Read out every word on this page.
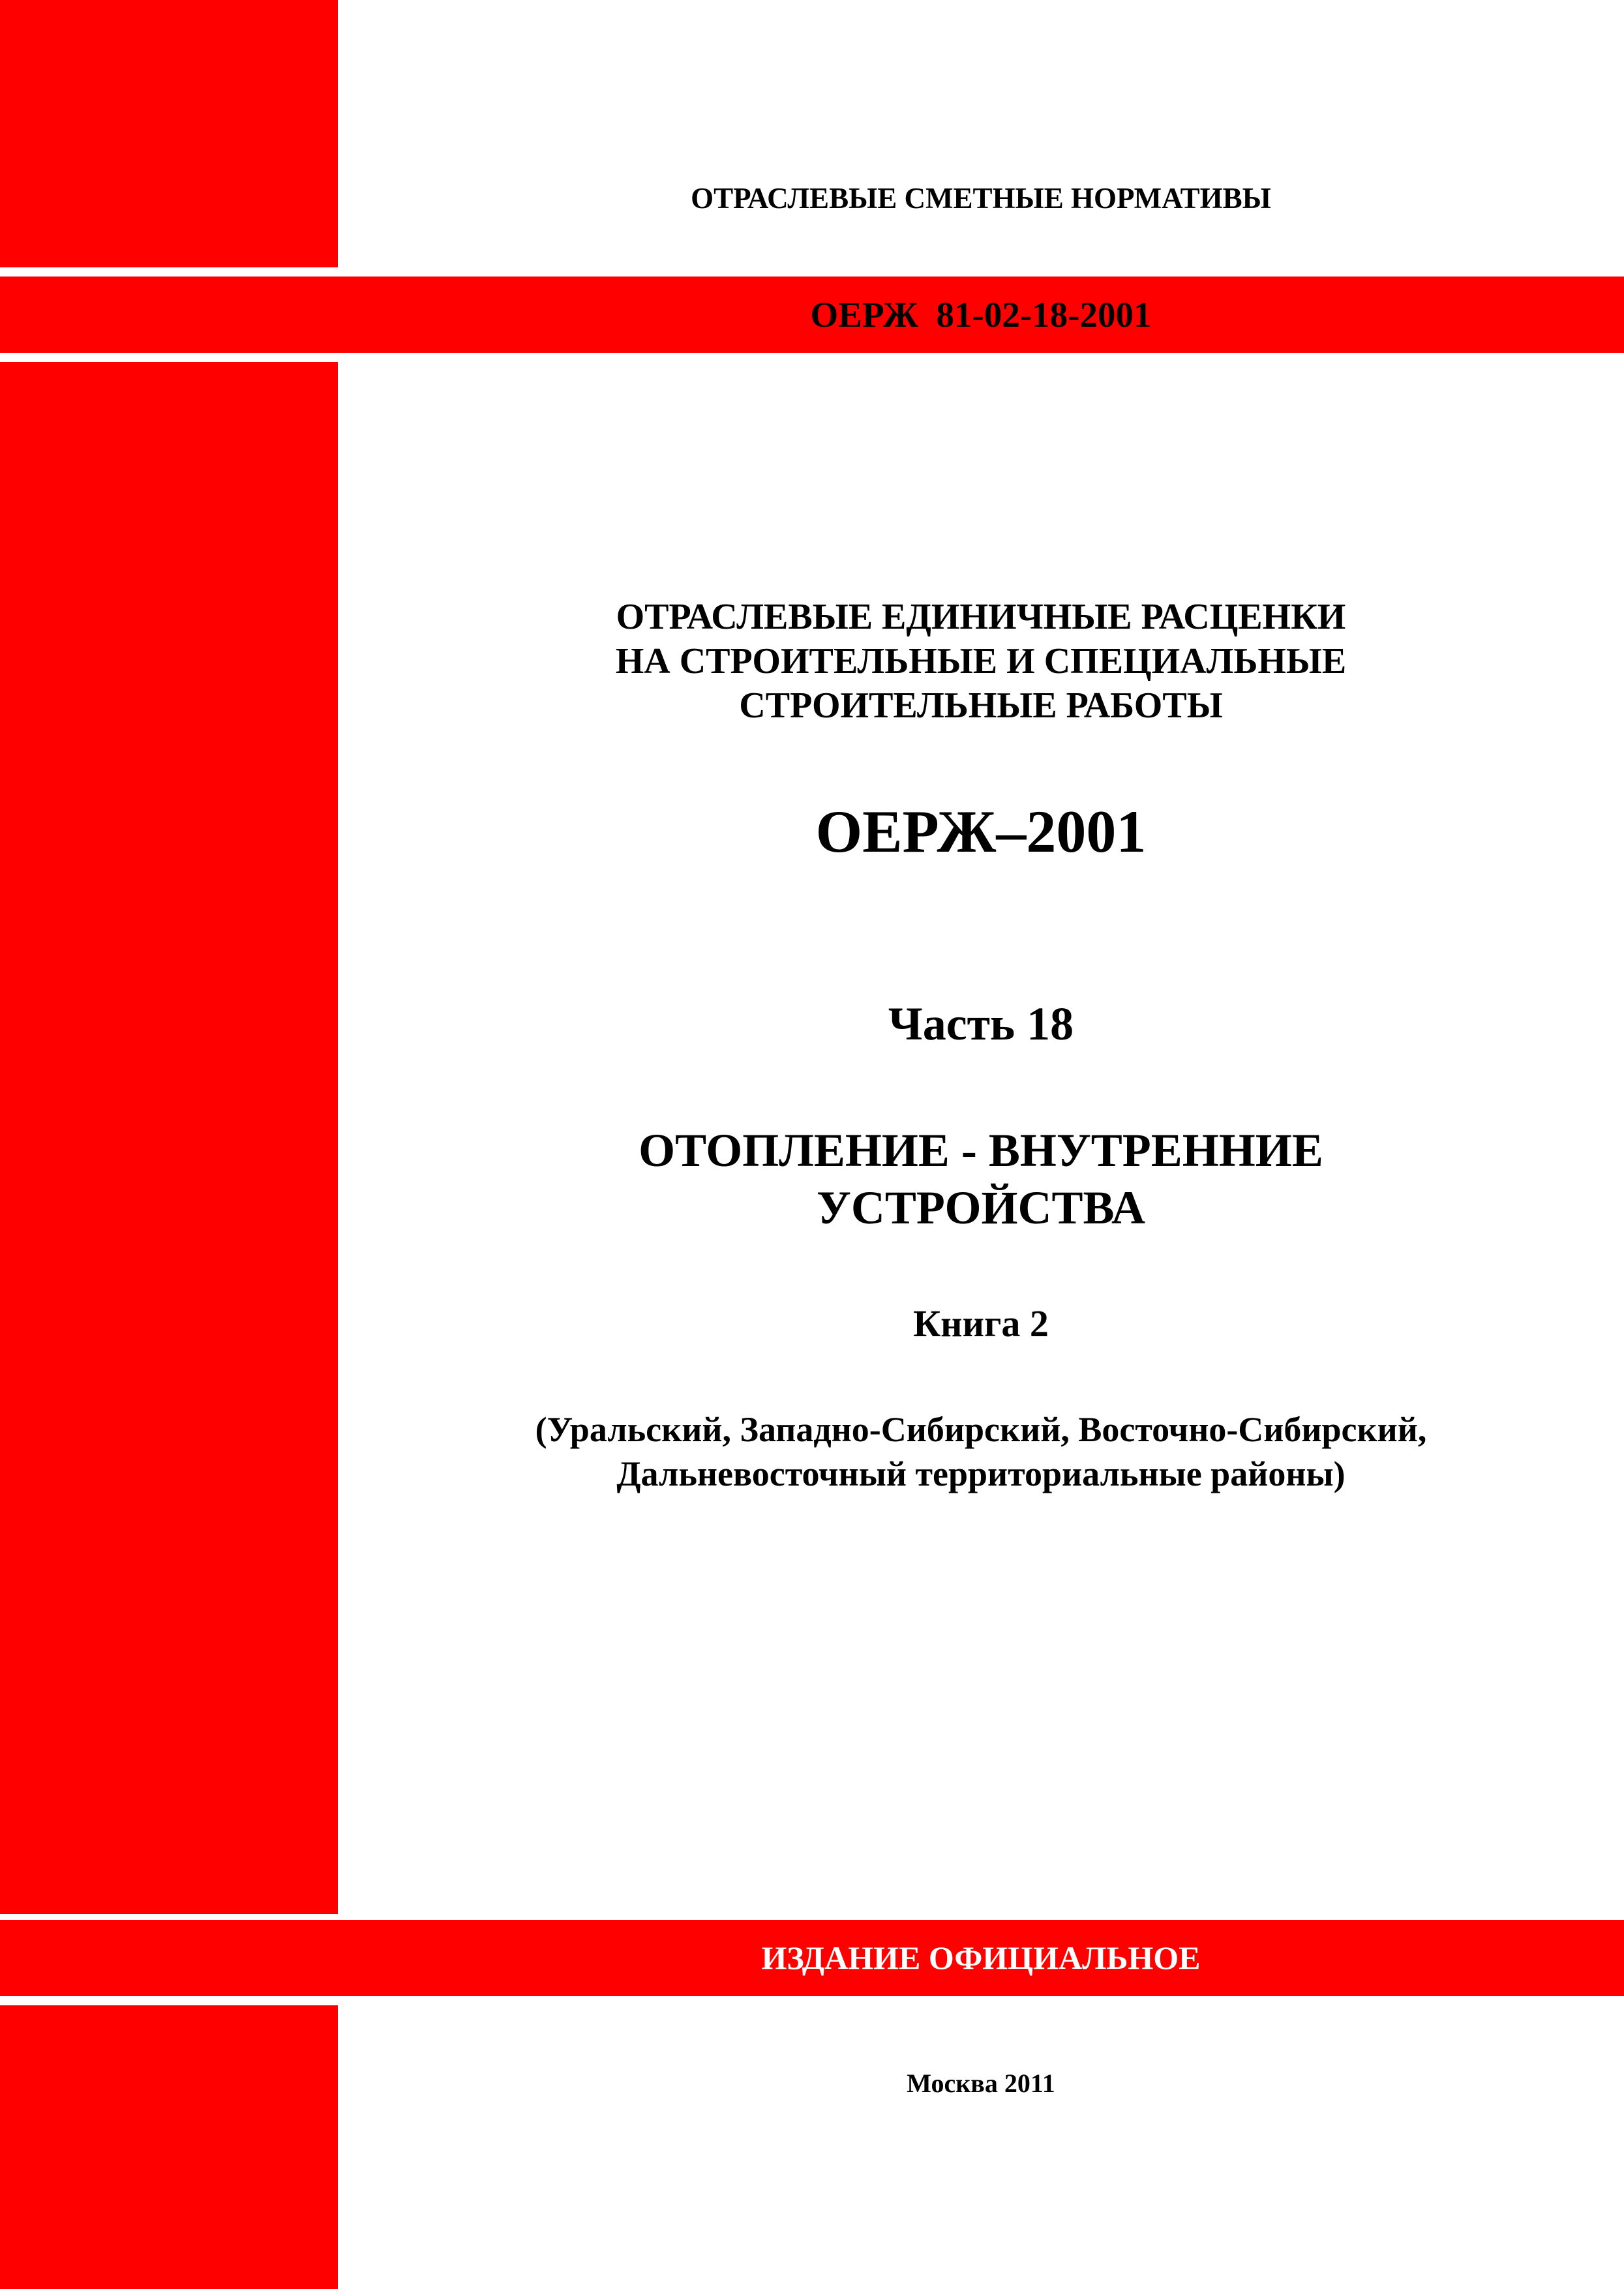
ОТРАСЛЕВЫЕ СМЕТНЫЕ НОРМАТИВЫ
ОЕРЖ  81-02-18-2001
ОТРАСЛЕВЫЕ ЕДИНИЧНЫЕ РАСЦЕНКИ
НА СТРОИТЕЛЬНЫЕ И СПЕЦИАЛЬНЫЕ
СТРОИТЕЛЬНЫЕ РАБОТЫ
ОЕРЖ–2001
Часть 18
ОТОПЛЕНИЕ - ВНУТРЕННИЕ
УСТРОЙСТВА
Книга 2
(Уральский, Западно-Сибирский, Восточно-Сибирский,
Дальневосточный территориальные районы)
ИЗДАНИЕ ОФИЦИАЛЬНОЕ
Москва 2011
